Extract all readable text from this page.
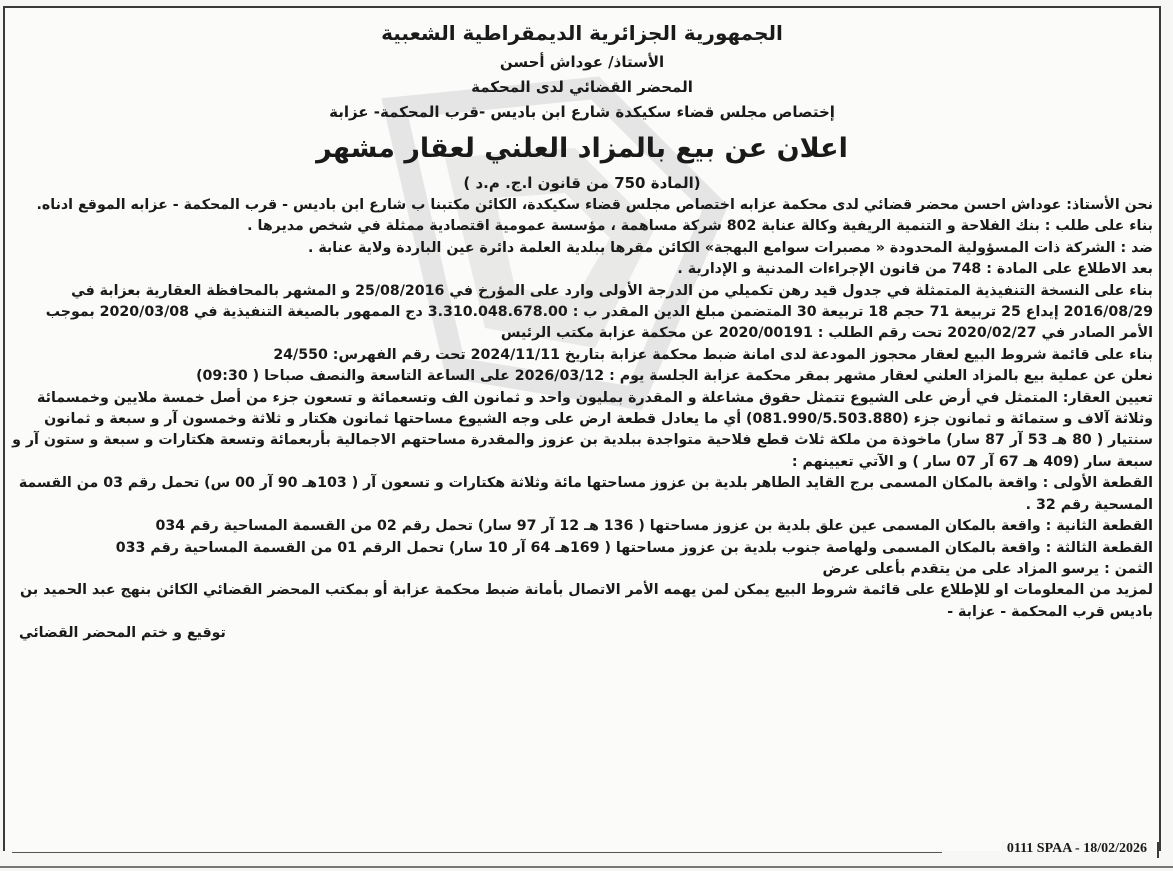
الجمهورية الجزائرية الديمقراطية الشعبية
الأستاذ/ عوداش أحسن
المحضر القضائي لدى المحكمة
إختصاص مجلس قضاء سكيكدة شارع ابن باديس -قرب المحكمة- عزابة
اعلان عن بيع بالمزاد العلني لعقار مشهر
(المادة 750 من قانون ا.ج. م.د )

نحن الأستاذ: عوداش احسن محضر قضائي لدى محكمة عزابه اختصاص مجلس قضاء سكيكدة، الكائن مكتبنا ب شارع ابن باديس - قرب المحكمة - عزابه الموقع ادناه.

بناء على طلب : بنك الفلاحة و التنمية الريفية وكالة عنابة 802 شركة مساهمة ، مؤسسة عمومية اقتصادية ممثلة في شخص مديرها .

ضد : الشركة ذات المسؤولية المحدودة « مصبرات سوامع البهجة» الكائن مقرها ببلدية العلمة دائرة عين الباردة ولاية عنابة .

بعد الاطلاع على المادة : 748 من قانون الإجراءات المدنية و الإدارية .

بناء على النسخة التنفيذية المتمثلة في جدول قيد رهن تكميلي من الدرجة الأولى وارد على المؤرخ في 25/08/2016 و المشهر بالمحافظة العقارية بعزابة في 2016/08/29 إيداع 25 تربيعة 71 حجم 18 تربيعة 30 المتضمن مبلغ الدين المقدر ب : 3.310.048.678.00 دج الممهور بالصيغة التنفيذية في 2020/03/08 بموجب الأمر الصادر في 2020/02/27 تحت رقم الطلب : 2020/00191 عن محكمة عزابة مكتب الرئيس

بناء على قائمة شروط البيع لعقار محجوز المودعة لدى امانة ضبط محكمة عزابة بتاريخ 2024/11/11 تحت رقم الفهرس: 24/550

نعلن عن عملية بيع بالمزاد العلني لعقار مشهر بمقر محكمة عزابة الجلسة يوم : 2026/03/12 على الساعة التاسعة والنصف صباحا ( 09:30)

تعيين العقار: المتمثل في أرض على الشيوع تتمثل حقوق مشاعلة و المقدرة بمليون واحد و ثمانون الف وتسعمائة و تسعون جزء من أصل خمسة ملايين وخمسمائة وثلاثة آلاف و ستمائة و ثمانون جزء (081.990/5.503.880) أي ما يعادل قطعة ارض على وجه الشيوع مساحتها ثمانون هكتار و ثلاثة وخمسون آر و سبعة و ثمانون سنتيار ( 80 هـ 53 آر 87 سار) ماخوذة من ملكة ثلاث قطع فلاحية متواجدة ببلدية بن عزوز والمقدرة مساحتهم الاجمالية بأربعمائة وتسعة هكتارات و سبعة و ستون آر و سبعة سار (409 هـ 67 آر 07 سار ) و الآتي تعيينهم :

القطعة الأولى : واقعة بالمكان المسمى برج القايد الطاهر بلدية بن عزوز مساحتها مائة وثلاثة هكتارات و تسعون آر ( 103هـ 90 آر 00 س) تحمل رقم 03 من القسمة المسحية رقم 32 .

القطعة الثانية : واقعة بالمكان المسمى عين علق بلدية بن عزوز مساحتها ( 136 هـ 12 آر 97 سار) تحمل رقم 02 من القسمة المساحية رقم 034

القطعة الثالثة : واقعة بالمكان المسمى ولهاصة جنوب بلدية بن عزوز مساحتها ( 169هـ 64 آر 10 سار) تحمل الرقم 01 من القسمة المساحية رقم 033

الثمن : يرسو المزاد على من يتقدم بأعلى عرض

لمزيد من المعلومات او للإطلاع على قائمة شروط البيع يمكن لمن يهمه الأمر الاتصال بأمانة ضبط محكمة عزابة أو بمكتب المحضر القضائي الكائن بنهج عبد الحميد بن باديس قرب المحكمة - عزابة -

توقيع و ختم المحضر القضائي
0111 SPAA - 18/02/2026
